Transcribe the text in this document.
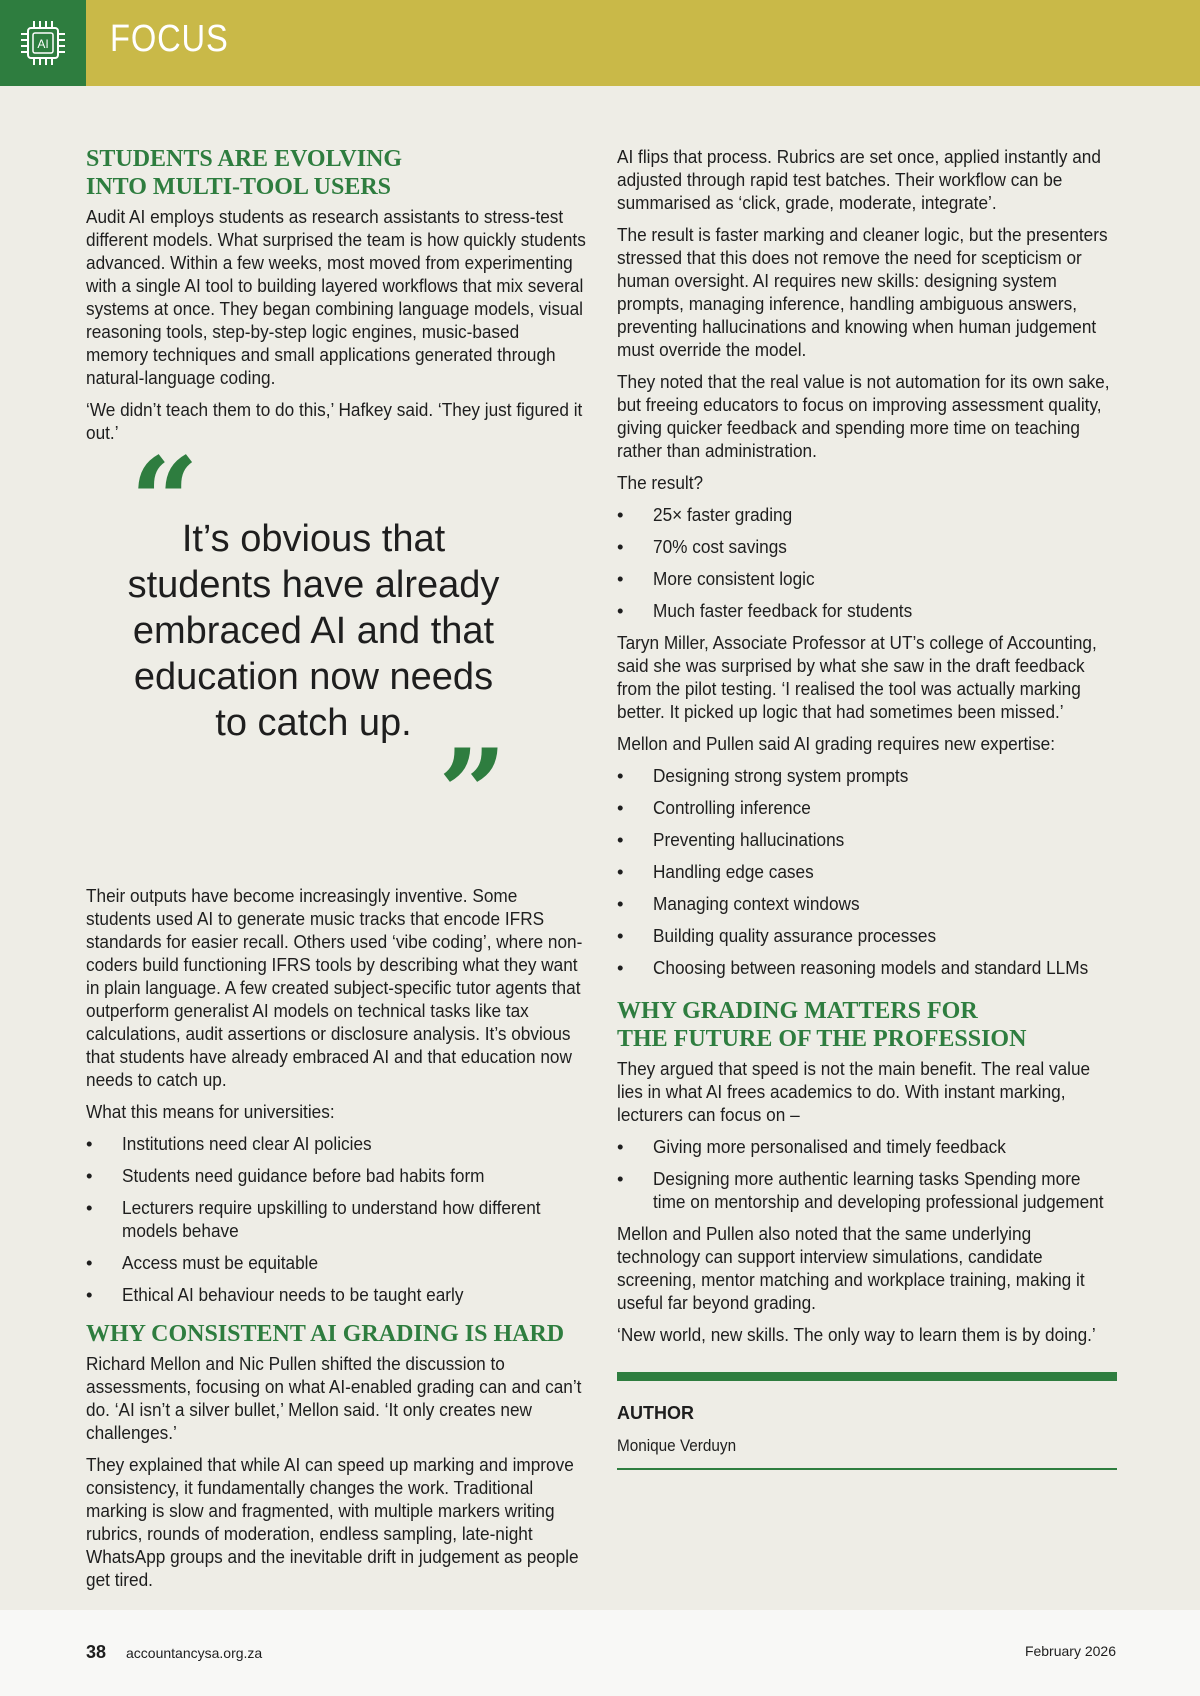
AI FOCUS
STUDENTS ARE EVOLVING
INTO MULTI-TOOL USERS

Audit AI employs students as research assistants to stress-test different models. What surprised the team is how quickly students advanced. Within a few weeks, most moved from experimenting with a single AI tool to building layered workflows that mix several systems at once. They began combining language models, visual reasoning tools, step-by-step logic engines, music-based memory techniques and small applications generated through natural-language coding.

‘We didn’t teach them to do this,’ Hafkey said. ‘They just figured it out.’ “
It’s obvious that students have already embraced AI and that education now needs to catch up. ”

Their outputs have become increasingly inventive. Some students used AI to generate music tracks that encode IFRS standards for easier recall. Others used ‘vibe coding’, where non-coders build functioning IFRS tools by describing what they want in plain language. A few created subject-specific tutor agents that outperform generalist AI models on technical tasks like tax calculations, audit assertions or disclosure analysis. It’s obvious that students have already embraced AI and that education now needs to catch up.

What this means for universities:

• Institutions need clear AI policies
• Students need guidance before bad habits form
• Lecturers require upskilling to understand how different models behave
• Access must be equitable
• Ethical AI behaviour needs to be taught early
WHY CONSISTENT AI GRADING IS HARD

Richard Mellon and Nic Pullen shifted the discussion to assessments, focusing on what AI-enabled grading can and can’t do. ‘AI isn’t a silver bullet,’ Mellon said. ‘It only creates new challenges.’

They explained that while AI can speed up marking and improve consistency, it fundamentally changes the work. Traditional marking is slow and fragmented, with multiple markers writing rubrics, rounds of moderation, endless sampling, late-night WhatsApp groups and the inevitable drift in judgement as people get tired.

AI flips that process. Rubrics are set once, applied instantly and adjusted through rapid test batches. Their workflow can be summarised as ‘click, grade, moderate, integrate’.

The result is faster marking and cleaner logic, but the presenters stressed that this does not remove the need for scepticism or human oversight. AI requires new skills: designing system prompts, managing inference, handling ambiguous answers, preventing hallucinations and knowing when human judgement must override the model.

They noted that the real value is not automation for its own sake, but freeing educators to focus on improving assessment quality, giving quicker feedback and spending more time on teaching rather than administration.

The result?

• 25× faster grading
• 70% cost savings
• More consistent logic
• Much faster feedback for students

Taryn Miller, Associate Professor at UT’s college of Accounting, said she was surprised by what she saw in the draft feedback from the pilot testing. ‘I realised the tool was actually marking better. It picked up logic that had sometimes been missed.’

Mellon and Pullen said AI grading requires new expertise:

• Designing strong system prompts
• Controlling inference
• Preventing hallucinations
• Handling edge cases
• Managing context windows
• Building quality assurance processes
• Choosing between reasoning models and standard LLMs
WHY GRADING MATTERS FOR
THE FUTURE OF THE PROFESSION

They argued that speed is not the main benefit. The real value lies in what AI frees academics to do. With instant marking, lecturers can focus on –

• Giving more personalised and timely feedback
• Designing more authentic learning tasks Spending more time on mentorship and developing professional judgement

Mellon and Pullen also noted that the same underlying technology can support interview simulations, candidate screening, mentor matching and workplace training, making it useful far beyond grading.

‘New world, new skills. The only way to learn them is by doing.’

AUTHOR
Monique Verduyn
38 accountancysa.org.za	February 2026
